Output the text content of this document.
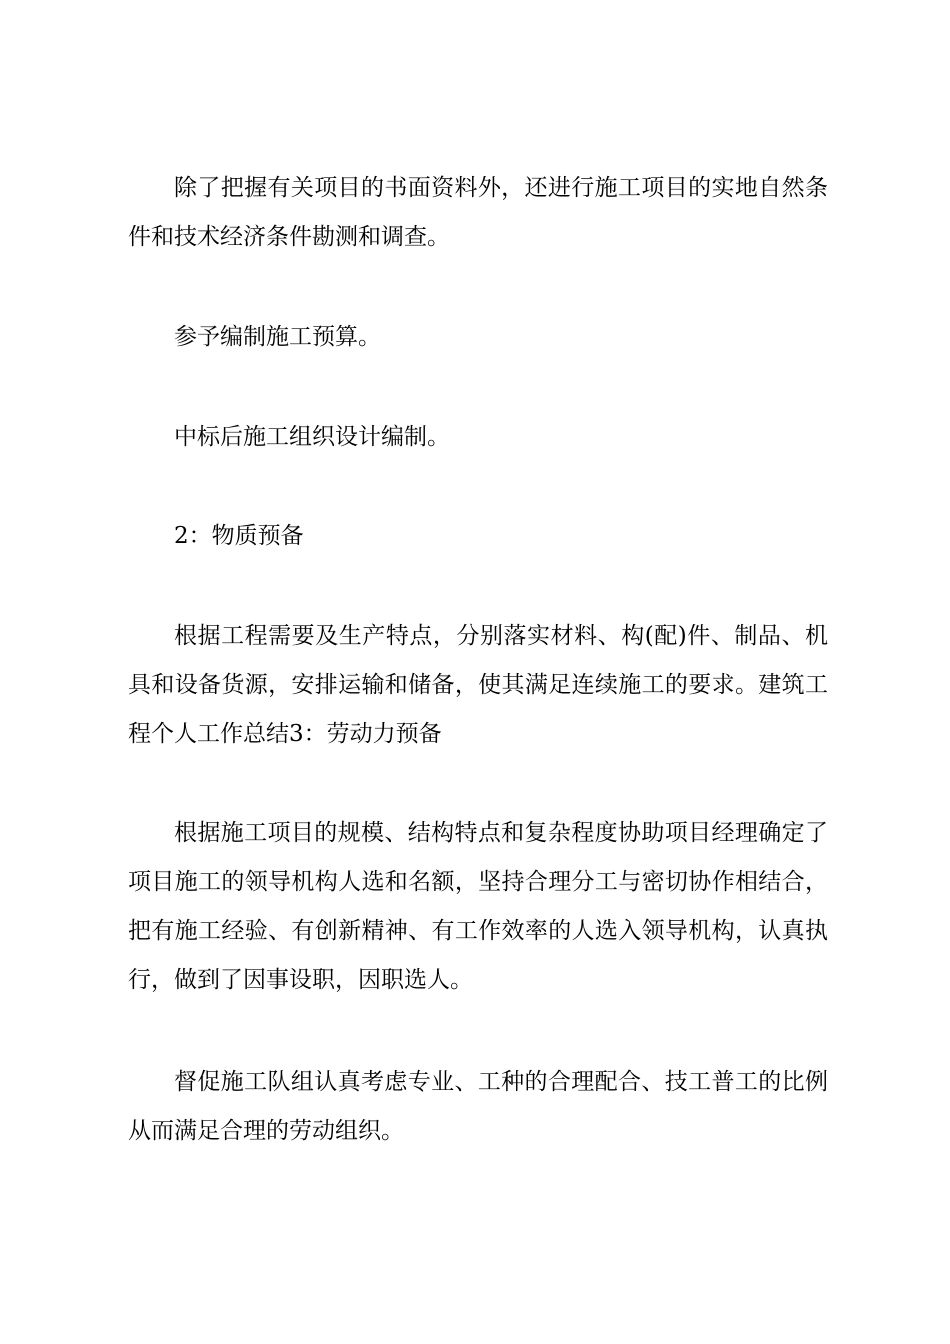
除了把握有关项目的书面资料外，还进行施工项目的实地自然条件和技术经济条件勘测和调查。

参予编制施工预算。

中标后施工组织设计编制。

2：物质预备

根据工程需要及生产特点，分别落实材料、构(配)件、制品、机具和设备货源，安排运输和储备，使其满足连续施工的要求。建筑工程个人工作总结3：劳动力预备

根据施工项目的规模、结构特点和复杂程度协助项目经理确定了项目施工的领导机构人选和名额，坚持合理分工与密切协作相结合，把有施工经验、有创新精神、有工作效率的人选入领导机构，认真执行，做到了因事设职，因职选人。

督促施工队组认真考虑专业、工种的合理配合、技工普工的比例从而满足合理的劳动组织。
